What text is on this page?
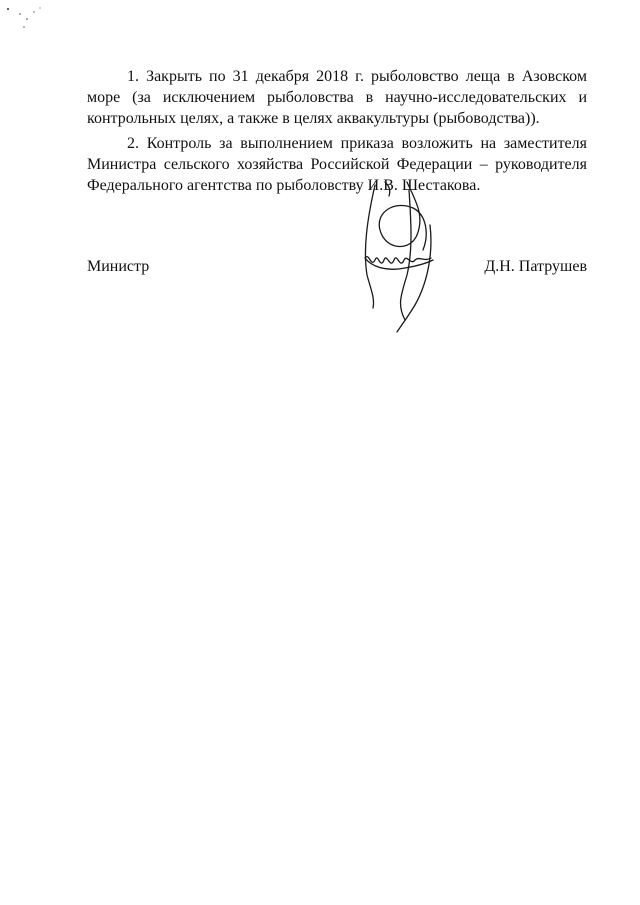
1. Закрыть по 31 декабря 2018 г. рыболовство леща в Азовском море (за исключением рыболовства в научно-исследовательских и контрольных целях, а также в целях аквакультуры (рыбоводства)).

2. Контроль за выполнением приказа возложить на заместителя Министра сельского хозяйства Российской Федерации – руководителя Федерального агентства по рыболовству И.В. Шестакова.

Министр	Д.Н. Патрушев
